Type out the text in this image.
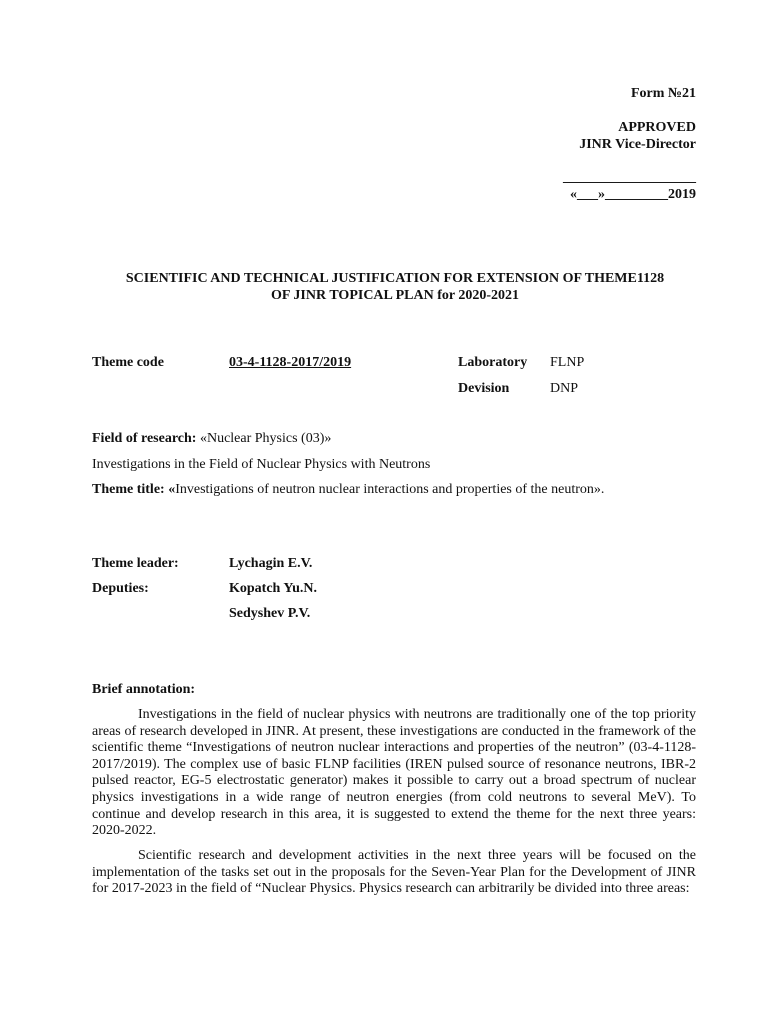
Form №21
APPROVED
JINR Vice-Director
___________________
«___»_________2019
SCIENTIFIC AND TECHNICAL JUSTIFICATION FOR EXTENSION OF THEME1128
OF JINR TOPICAL PLAN for 2020-2021
Theme code	03-4-1128-2017/2019	Laboratory FLNP
Devision	DNP
Field of research: «Nuclear Physics (03)»
Investigations in the Field of Nuclear Physics with Neutrons
Theme title: «Investigations of neutron nuclear interactions and properties of the neutron».
Theme leader:	Lychagin E.V.
Deputies:	Kopatch Yu.N.
Sedyshev P.V.
Brief annotation:

Investigations in the field of nuclear physics with neutrons are traditionally one of the top priority areas of research developed in JINR. At present, these investigations are conducted in the framework of the scientific theme “Investigations of neutron nuclear interactions and properties of the neutron” (03-4-1128-2017/2019). The complex use of basic FLNP facilities (IREN pulsed source of resonance neutrons, IBR-2 pulsed reactor, EG-5 electrostatic generator) makes it possible to carry out a broad spectrum of nuclear physics investigations in a wide range of neutron energies (from cold neutrons to several MeV). To continue and develop research in this area, it is suggested to extend the theme for the next three years: 2020-2022.

Scientific research and development activities in the next three years will be focused on the implementation of the tasks set out in the proposals for the Seven-Year Plan for the Development of JINR for 2017-2023 in the field of “Nuclear Physics. Physics research can arbitrarily be divided into three areas:
